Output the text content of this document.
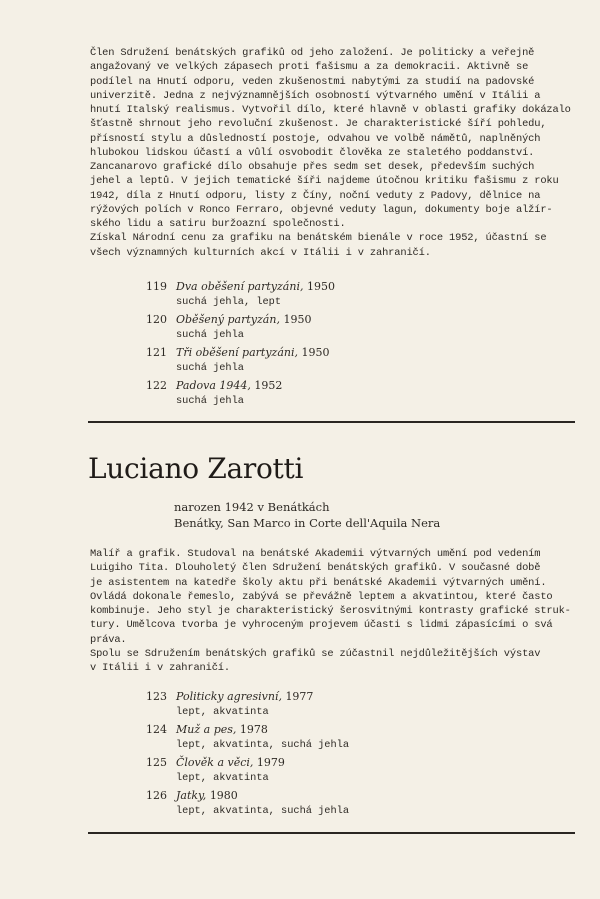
Člen Sdružení benátských grafiků od jeho založení. Je politicky a veřejně
angažovaný ve velkých zápasech proti fašismu a za demokracii. Aktivně se
podílel na Hnutí odporu, veden zkušenostmi nabytými za studií na padovské
univerzitě. Jedna z nejvýznamnějších osobností výtvarného umění v Itálii a
hnutí Italský realismus. Vytvořil dílo, které hlavně v oblasti grafiky dokázalo
šťastně shrnout jeho revoluční zkušenost. Je charakteristické šíří pohledu,
přísností stylu a důsledností postoje, odvahou ve volbě námětů, naplněných
hlubokou lidskou účastí a vůlí osvobodit člověka ze staletého poddanství.
Zancanarovo grafické dílo obsahuje přes sedm set desek, především suchých
jehel a leptů. V jejich tematické šíři najdeme útočnou kritiku fašismu z roku
1942, díla z Hnutí odporu, listy z Číny, noční veduty z Padovy, dělnice na
rýžových polích v Ronco Ferraro, objevné veduty lagun, dokumenty boje alžír-
ského lidu a satiru buržoazní společnosti.
Získal Národní cenu za grafiku na benátském bienále v roce 1952, účastní se
všech významných kulturních akcí v Itálii i v zahraničí.
119 Dva oběšení partyzáni, 1950
suchá jehla, lept
120 Oběšený partyzán, 1950
suchá jehla
121 Tři oběšení partyzáni, 1950
suchá jehla
122 Padova 1944, 1952
suchá jehla
Luciano Zarotti
narozen 1942 v Benátkách
Benátky, San Marco in Corte dell'Aquila Nera
Malíř a grafik. Studoval na benátské Akademii výtvarných umění pod vedením
Luigiho Tita. Dlouholetý člen Sdružení benátských grafiků. V současné době
je asistentem na katedře školy aktu při benátské Akademii výtvarných umění.
Ovládá dokonale řemeslo, zabývá se převážně leptem a akvatintou, které často
kombinuje. Jeho styl je charakteristický šerosvitnými kontrasty grafické struk-
tury. Umělcova tvorba je vyhroceným projevem účasti s lidmi zápasícími o svá
práva.
Spolu se Sdružením benátských grafiků se zúčastnil nejdůležitějších výstav
v Itálii i v zahraničí.
123 Politicky agresivní, 1977
lept, akvatinta
124 Muž a pes, 1978
lept, akvatinta, suchá jehla
125 Člověk a věci, 1979
lept, akvatinta
126 Jatky, 1980
lept, akvatinta, suchá jehla
